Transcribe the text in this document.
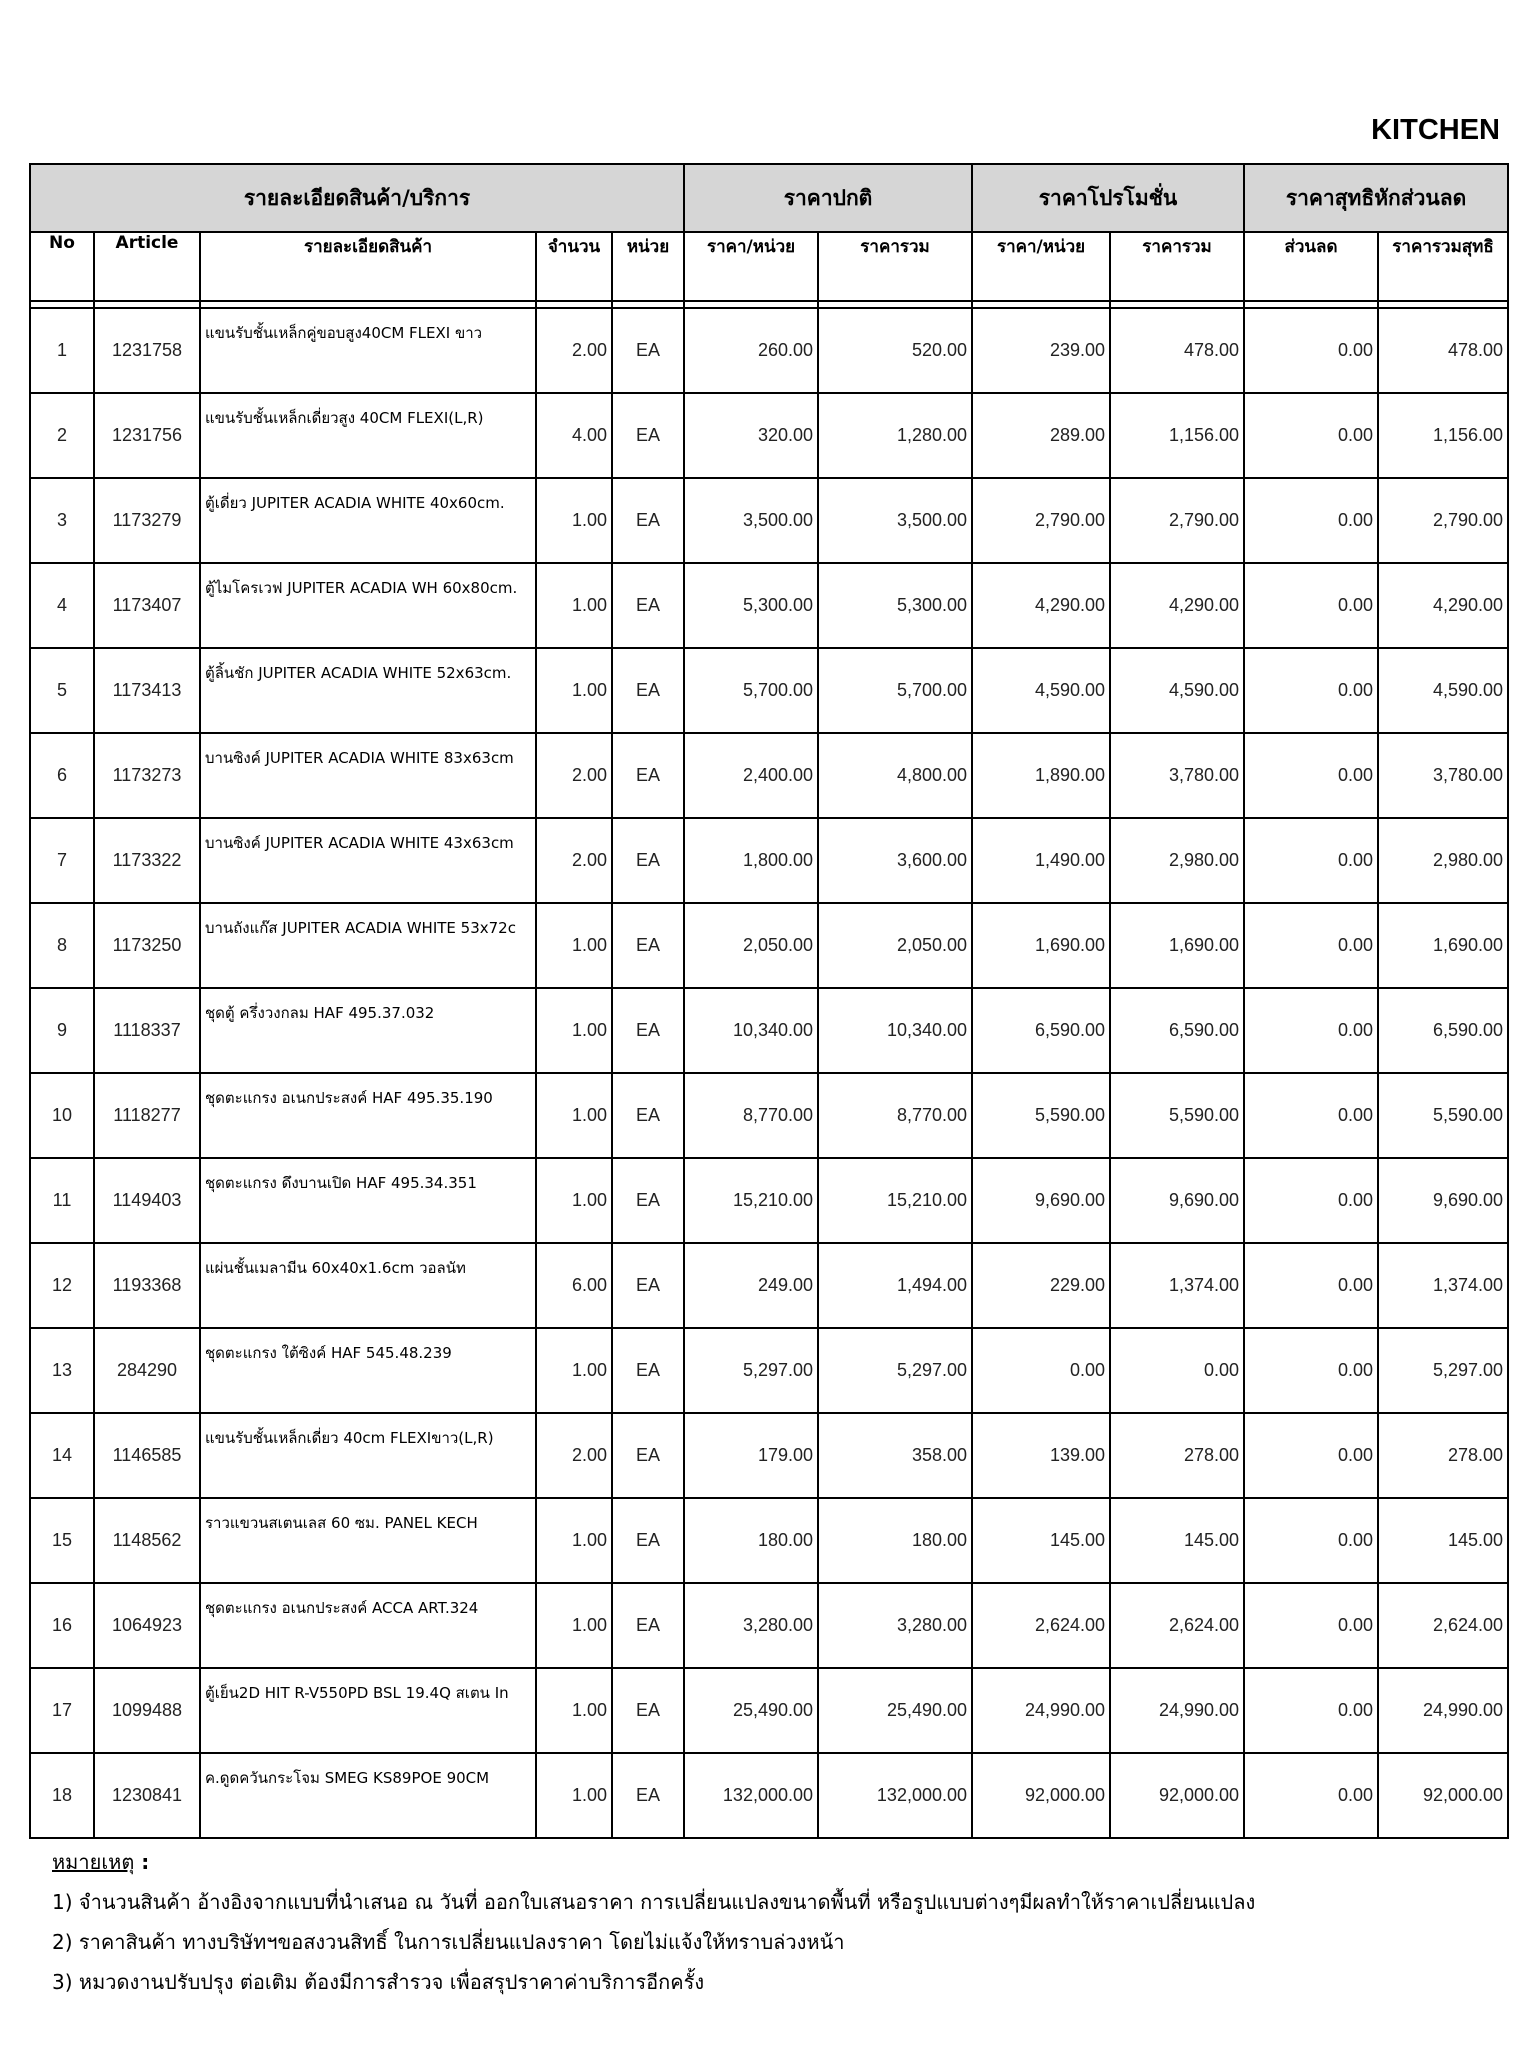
KITCHEN
รายละเอียดสินค้า/บริการ					ราคาปกติ		ราคาโปรโมชั่น		ราคาสุทธิหักส่วนลด	
No	Article	รายละเอียดสินค้า	จำนวน	หน่วย	ราคา/หน่วย	ราคารวม	ราคา/หน่วย	ราคารวม	ส่วนลด	ราคารวมสุทธิ

1	1231758	แขนรับชั้นเหล็กคู่ขอบสูง40CM FLEXI ขาว	2.00	EA	260.00	520.00	239.00	478.00	0.00	478.00
2	1231756	แขนรับชั้นเหล็กเดี่ยวสูง 40CM FLEXI(L,R)	4.00	EA	320.00	1,280.00	289.00	1,156.00	0.00	1,156.00
3	1173279	ตู้เดี่ยว JUPITER ACADIA WHITE 40x60cm.	1.00	EA	3,500.00	3,500.00	2,790.00	2,790.00	0.00	2,790.00
4	1173407	ตู้ไมโครเวฟ JUPITER ACADIA WH 60x80cm.	1.00	EA	5,300.00	5,300.00	4,290.00	4,290.00	0.00	4,290.00
5	1173413	ตู้ลิ้นชัก JUPITER ACADIA WHITE 52x63cm.	1.00	EA	5,700.00	5,700.00	4,590.00	4,590.00	0.00	4,590.00
6	1173273	บานซิงค์ JUPITER ACADIA WHITE 83x63cm	2.00	EA	2,400.00	4,800.00	1,890.00	3,780.00	0.00	3,780.00
7	1173322	บานซิงค์ JUPITER ACADIA WHITE 43x63cm	2.00	EA	1,800.00	3,600.00	1,490.00	2,980.00	0.00	2,980.00
8	1173250	บานถังแก๊ส JUPITER ACADIA WHITE 53x72c	1.00	EA	2,050.00	2,050.00	1,690.00	1,690.00	0.00	1,690.00
9	1118337	ชุดตู้ ครึ่งวงกลม HAF 495.37.032	1.00	EA	10,340.00	10,340.00	6,590.00	6,590.00	0.00	6,590.00
10	1118277	ชุดตะแกรง อเนกประสงค์ HAF 495.35.190	1.00	EA	8,770.00	8,770.00	5,590.00	5,590.00	0.00	5,590.00
11	1149403	ชุดตะแกรง ดึงบานเปิด HAF 495.34.351	1.00	EA	15,210.00	15,210.00	9,690.00	9,690.00	0.00	9,690.00
12	1193368	แผ่นชั้นเมลามีน 60x40x1.6cm วอลนัท	6.00	EA	249.00	1,494.00	229.00	1,374.00	0.00	1,374.00
13	284290	ชุดตะแกรง ใต้ซิงค์ HAF 545.48.239	1.00	EA	5,297.00	5,297.00	0.00	0.00	0.00	5,297.00
14	1146585	แขนรับชั้นเหล็กเดี่ยว 40cm FLEXIขาว(L,R)	2.00	EA	179.00	358.00	139.00	278.00	0.00	278.00
15	1148562	ราวแขวนสเตนเลส 60 ซม. PANEL KECH	1.00	EA	180.00	180.00	145.00	145.00	0.00	145.00
16	1064923	ชุดตะแกรง อเนกประสงค์ ACCA ART.324	1.00	EA	3,280.00	3,280.00	2,624.00	2,624.00	0.00	2,624.00
17	1099488	ตู้เย็น2D HIT R-V550PD BSL 19.4Q สเตน In	1.00	EA	25,490.00	25,490.00	24,990.00	24,990.00	0.00	24,990.00
18	1230841	ค.ดูดควันกระโจม SMEG KS89POE 90CM	1.00	EA	132,000.00	132,000.00	92,000.00	92,000.00	0.00	92,000.00
หมายเหตุ :
1) จำนวนสินค้า อ้างอิงจากแบบที่นำเสนอ ณ วันที่ ออกใบเสนอราคา การเปลี่ยนแปลงขนาดพื้นที่ หรือรูปแบบต่างๆมีผลทำให้ราคาเปลี่ยนแปลง
2) ราคาสินค้า ทางบริษัทฯขอสงวนสิทธิ์ ในการเปลี่ยนแปลงราคา โดยไม่แจ้งให้ทราบล่วงหน้า
3) หมวดงานปรับปรุง ต่อเติม ต้องมีการสำรวจ เพื่อสรุปราคาค่าบริการอีกครั้ง
